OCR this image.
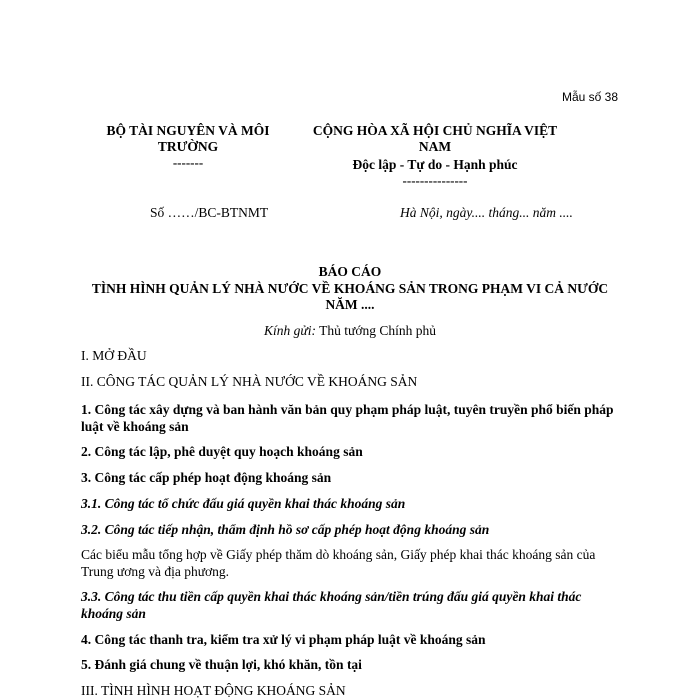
Mẫu số 38
BỘ TÀI NGUYÊN VÀ MÔI TRƯỜNG
-------
CỘNG HÒA XÃ HỘI CHỦ NGHĨA VIỆT NAM
Độc lập - Tự do - Hạnh phúc
---------------
Số ……/BC-BTNMT	Hà Nội, ngày.... tháng... năm ....
BÁO CÁO
TÌNH HÌNH QUẢN LÝ NHÀ NƯỚC VỀ KHOÁNG SẢN TRONG PHẠM VI CẢ NƯỚC NĂM ....
Kính gửi: Thủ tướng Chính phủ
I. MỞ ĐẦU
II. CÔNG TÁC QUẢN LÝ NHÀ NƯỚC VỀ KHOÁNG SẢN
1. Công tác xây dựng và ban hành văn bản quy phạm pháp luật, tuyên truyền phổ biến pháp luật về khoáng sản
2. Công tác lập, phê duyệt quy hoạch khoáng sản
3. Công tác cấp phép hoạt động khoáng sản
3.1. Công tác tổ chức đấu giá quyền khai thác khoáng sản
3.2. Công tác tiếp nhận, thẩm định hồ sơ cấp phép hoạt động khoáng sản
Các biểu mẫu tổng hợp về Giấy phép thăm dò khoáng sản, Giấy phép khai thác khoáng sản của Trung ương và địa phương.
3.3. Công tác thu tiền cấp quyền khai thác khoáng sản/tiền trúng đấu giá quyền khai thác khoáng sản
4. Công tác thanh tra, kiểm tra xử lý vi phạm pháp luật về khoáng sản
5. Đánh giá chung về thuận lợi, khó khăn, tồn tại
III. TÌNH HÌNH HOẠT ĐỘNG KHOÁNG SẢN
